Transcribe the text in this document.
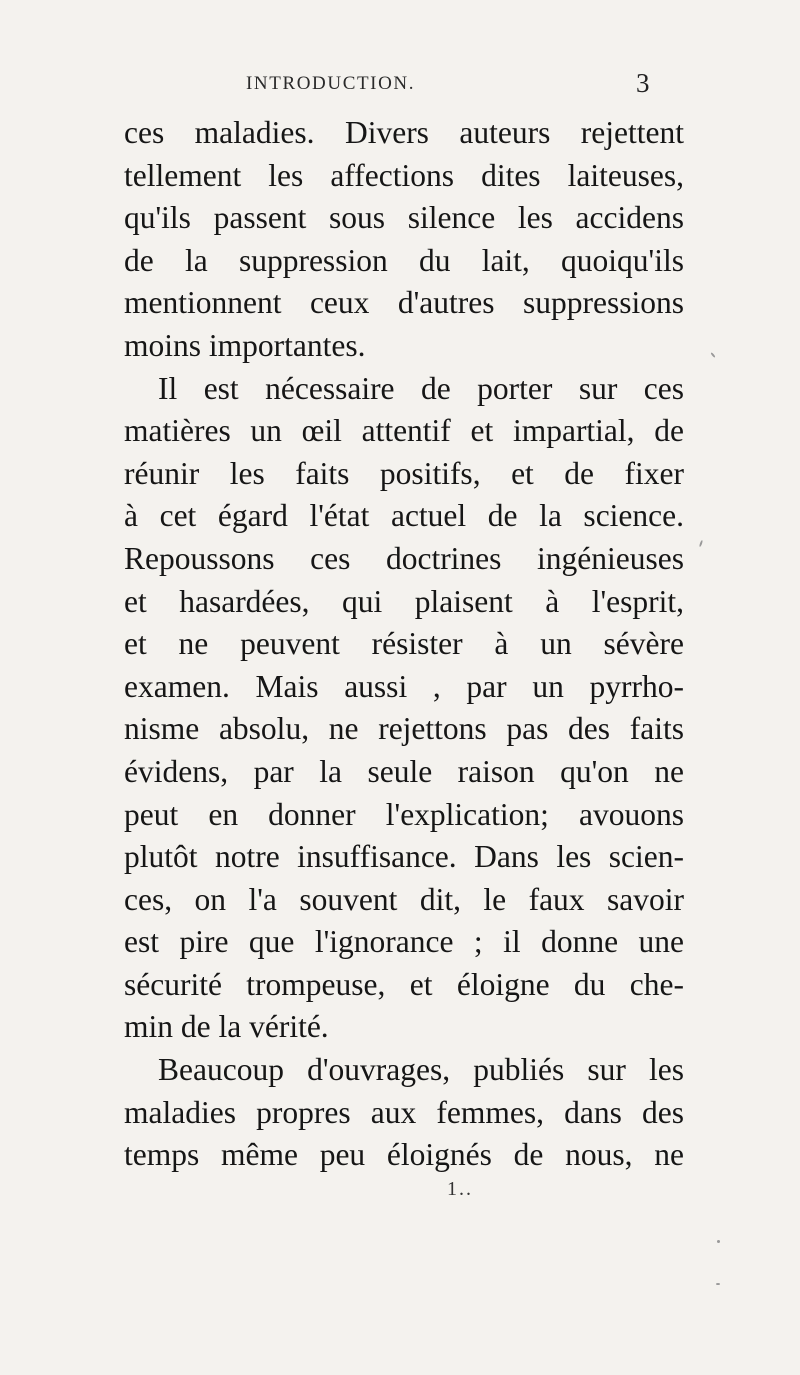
INTRODUCTION.	3
ces maladies. Divers auteurs rejettent
tellement les affections dites laiteuses,
qu'ils passent sous silence les accidens
de la suppression du lait, quoiqu'ils
mentionnent ceux d'autres suppressions
moins importantes.
Il est nécessaire de porter sur ces
matières un œil attentif et impartial, de
réunir les faits positifs, et de fixer
à cet égard l'état actuel de la science.
Repoussons ces doctrines ingénieuses
et hasardées, qui plaisent à l'esprit,
et ne peuvent résister à un sévère
examen. Mais aussi , par un pyrrho-
nisme absolu, ne rejettons pas des faits
évidens, par la seule raison qu'on ne
peut en donner l'explication; avouons
plutôt notre insuffisance. Dans les scien-
ces, on l'a souvent dit, le faux savoir
est pire que l'ignorance ; il donne une
sécurité trompeuse, et éloigne du che-
min de la vérité.
Beaucoup d'ouvrages, publiés sur les
maladies propres aux femmes, dans des
temps même peu éloignés de nous, ne
1..
